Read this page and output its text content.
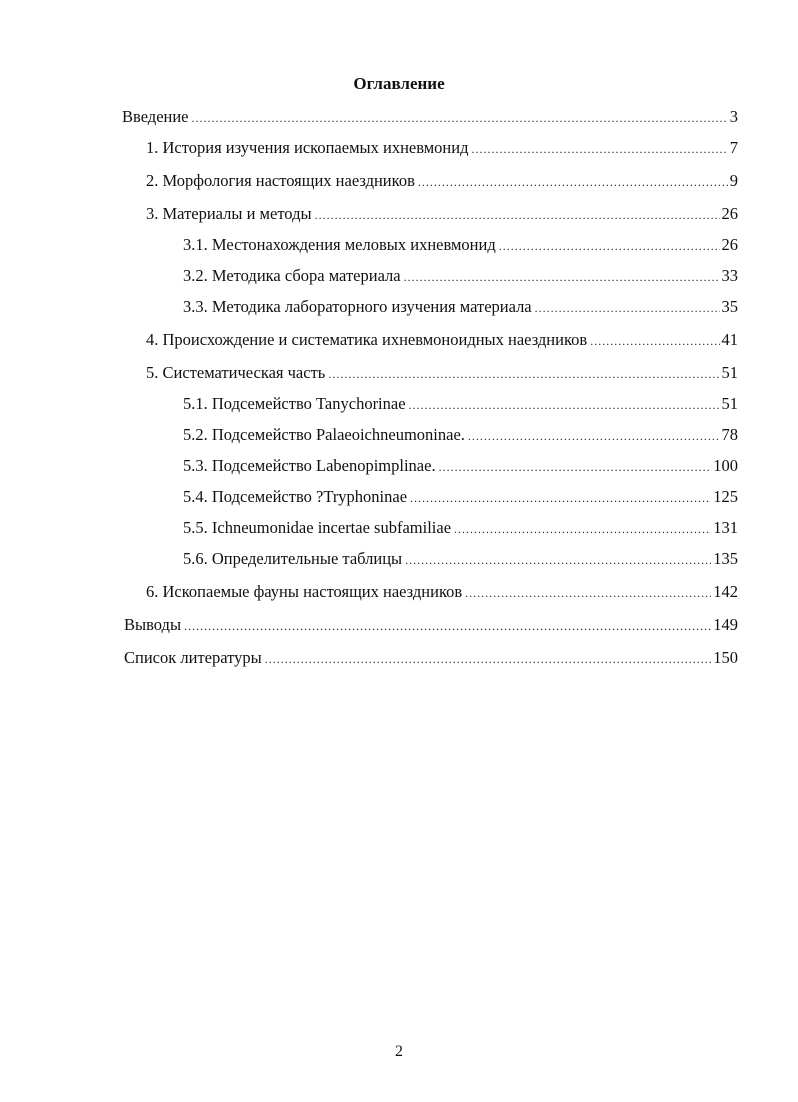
Оглавление
Введение .....	3
1. История изучения ископаемых ихневмонид .....	7
2. Морфология настоящих наездников .....	9
3. Материалы и методы .....	26
3.1. Местонахождения меловых ихневмонид .....	26
3.2. Методика сбора материала .....	33
3.3. Методика лабораторного изучения материала .....	35
4. Происхождение и систематика ихневмоноидных наездников .....	41
5. Систематическая часть .....	51
5.1. Подсемейство Tanychorinae .....	51
5.2. Подсемейство Palaeoichneumoninae. .....	78
5.3. Подсемейство Labenopimplinae. .....	100
5.4. Подсемейство ?Tryphoninae .....	125
5.5. Ichneumonidae incertae subfamiliae .....	131
5.6. Определительные таблицы .....	135
6. Ископаемые фауны настоящих наездников .....	142
Выводы .....	149
Список литературы .....	150
2
